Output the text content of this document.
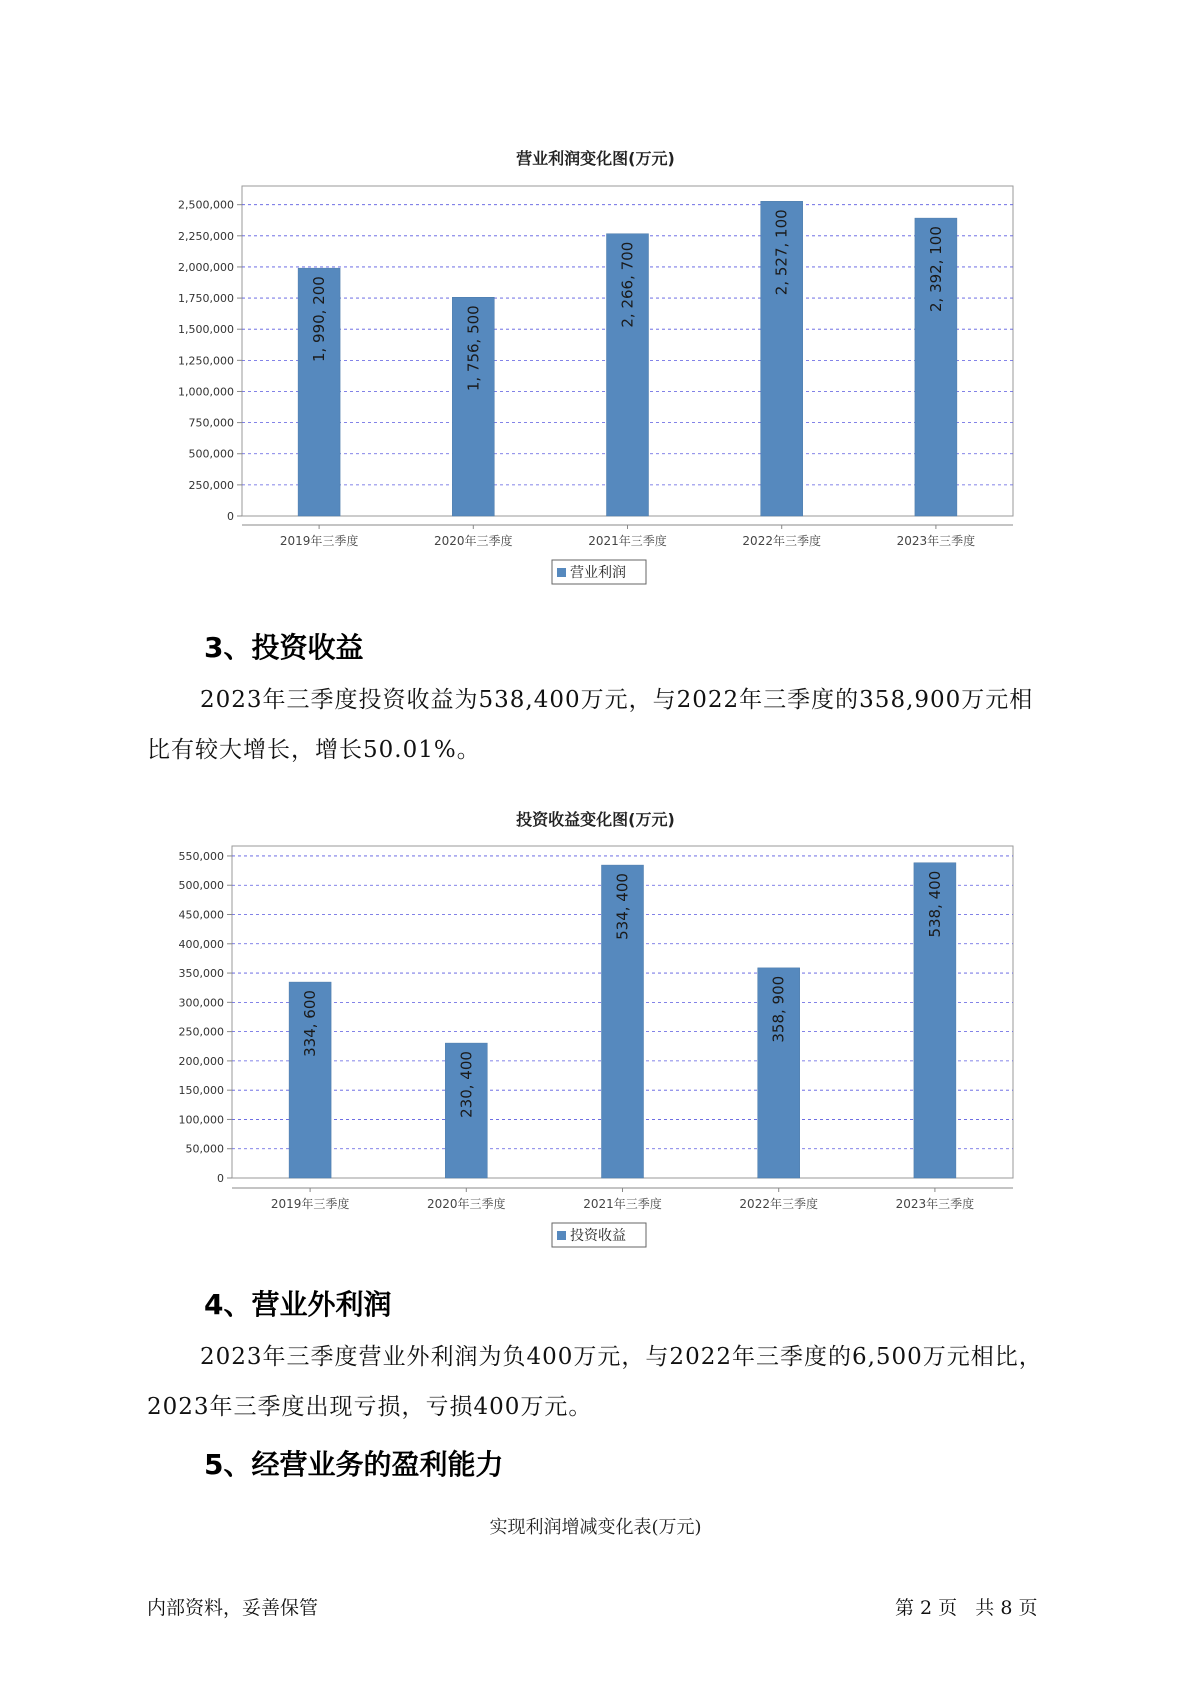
营业利润变化图(万元)
0
250,000
500,000
750,000
1,000,000
1,250,000
1,500,000
1,750,000
2,000,000
2,250,000
2,500,000
2019年三季度
1, 990, 200
2020年三季度
1, 756, 500
2021年三季度
2, 266, 700
2022年三季度
2, 527, 100
2023年三季度
2, 392, 100
营业利润
3、投资收益

2023年三季度投资收益为538,400万元，与2022年三季度的358,900万元相比有较大增长，增长50.01%。

投资收益变化图(万元)
0
50,000
100,000
150,000
200,000
250,000
300,000
350,000
400,000
450,000
500,000
550,000
2019年三季度
334, 600
2020年三季度
230, 400
2021年三季度
534, 400
2022年三季度
358, 900
2023年三季度
538, 400
投资收益
4、营业外利润

2023年三季度营业外利润为负400万元，与2022年三季度的6,500万元相比，2023年三季度出现亏损，亏损400万元。

5、经营业务的盈利能力
实现利润增减变化表(万元)
内部资料，妥善保管	第 2 页   共 8 页
